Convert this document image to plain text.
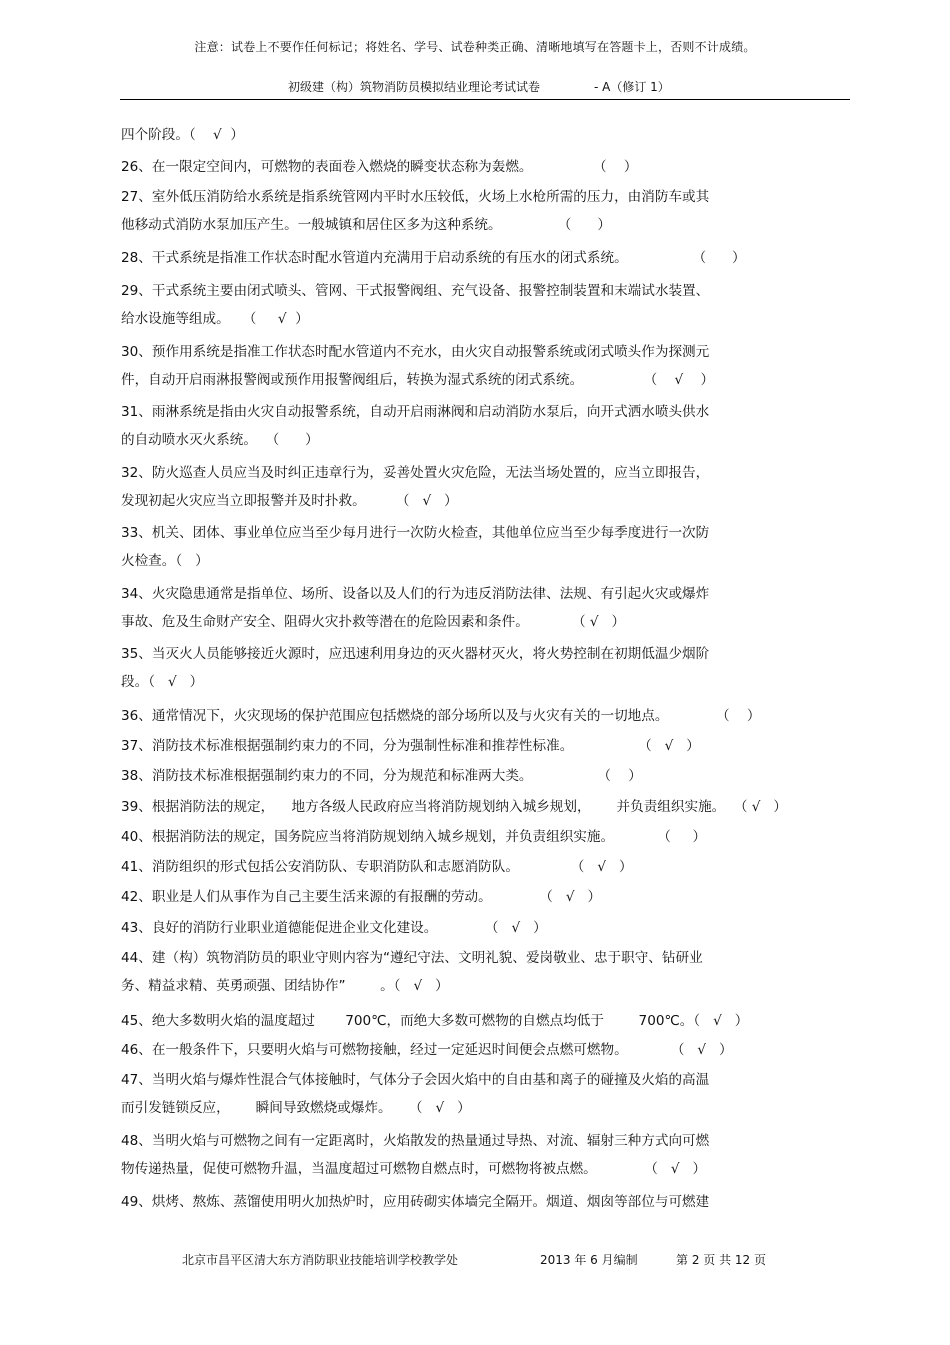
注意：试卷上不要作任何标记；将姓名、学号、试卷种类正确、清晰地填写在答题卡上，否则不计成绩。
初级建（构）筑物消防员模拟结业理论考试试卷	- A（修订 1）
四个阶段。（    √  ）
26、在一限定空间内，可燃物的表面卷入燃烧的瞬变状态称为轰燃。              （    ）
27、室外低压消防给水系统是指系统管网内平时水压较低，火场上水枪所需的压力，由消防车或其
他移动式消防水泵加压产生。一般城镇和居住区多为这种系统。             （      ）
28、干式系统是指准工作状态时配水管道内充满用于启动系统的有压水的闭式系统。               （      ）
29、干式系统主要由闭式喷头、管网、干式报警阀组、充气设备、报警控制装置和末端试水装置、
给水设施等组成。   （     √  ）
30、预作用系统是指准工作状态时配水管道内不充水，由火灾自动报警系统或闭式喷头作为探测元
件，自动开启雨淋报警阀或预作用报警阀组后，转换为湿式系统的闭式系统。              （    √    ）
31、雨淋系统是指由火灾自动报警系统，自动开启雨淋阀和启动消防水泵后，向开式洒水喷头供水
的自动喷水灭火系统。  （      ）
32、防火巡查人员应当及时纠正违章行为，妥善处置火灾危险，无法当场处置的，应当立即报告，
发现初起火灾应当立即报警并及时扑救。       （   √   ）
33、机关、团体、事业单位应当至少每月进行一次防火检查，其他单位应当至少每季度进行一次防
火检查。（   ）
34、火灾隐患通常是指单位、场所、设备以及人们的行为违反消防法律、法规、有引起火灾或爆炸
事故、危及生命财产安全、阻碍火灾扑救等潜在的危险因素和条件。          （ √   ）
35、当灭火人员能够接近火源时，应迅速利用身边的灭火器材灭火，将火势控制在初期低温少烟阶
段。（   √   ）
36、通常情况下，火灾现场的保护范围应包括燃烧的部分场所以及与火灾有关的一切地点。           （    ）
37、消防技术标准根据强制约束力的不同，分为强制性标准和推荐性标准。               （   √   ）
38、消防技术标准根据强制约束力的不同，分为规范和标准两大类。               （    ）
39、根据消防法的规定，    地方各级人民政府应当将消防规划纳入城乡规划，      并负责组织实施。  （ √   ）
40、根据消防法的规定，国务院应当将消防规划纳入城乡规划，并负责组织实施。          （     ）
41、消防组织的形式包括公安消防队、专职消防队和志愿消防队。            （   √   ）
42、职业是人们从事作为自己主要生活来源的有报酬的劳动。           （   √   ）
43、良好的消防行业职业道德能促进企业文化建设。           （   √   ）
44、建（构）筑物消防员的职业守则内容为“遵纪守法、文明礼貌、爱岗敬业、忠于职守、钻研业
务、精益求精、英勇顽强、团结协作”        。（   √   ）
45、绝大多数明火焰的温度超过       700℃，而绝大多数可燃物的自燃点均低于        700℃。（   √   ）
46、在一般条件下，只要明火焰与可燃物接触，经过一定延迟时间便会点燃可燃物。          （   √   ）
47、当明火焰与爆炸性混合气体接触时，气体分子会因火焰中的自由基和离子的碰撞及火焰的高温
而引发链锁反应，      瞬间导致燃烧或爆炸。    （   √   ）
48、当明火焰与可燃物之间有一定距离时，火焰散发的热量通过导热、对流、辐射三种方式向可燃
物传递热量，促使可燃物升温，当温度超过可燃物自燃点时，可燃物将被点燃。           （   √   ）
49、烘烤、熬炼、蒸馏使用明火加热炉时，应用砖砌实体墙完全隔开。烟道、烟囱等部位与可燃建
北京市昌平区清大东方消防职业技能培训学校教学处	2013 年 6 月编制	第 2 页 共 12 页
